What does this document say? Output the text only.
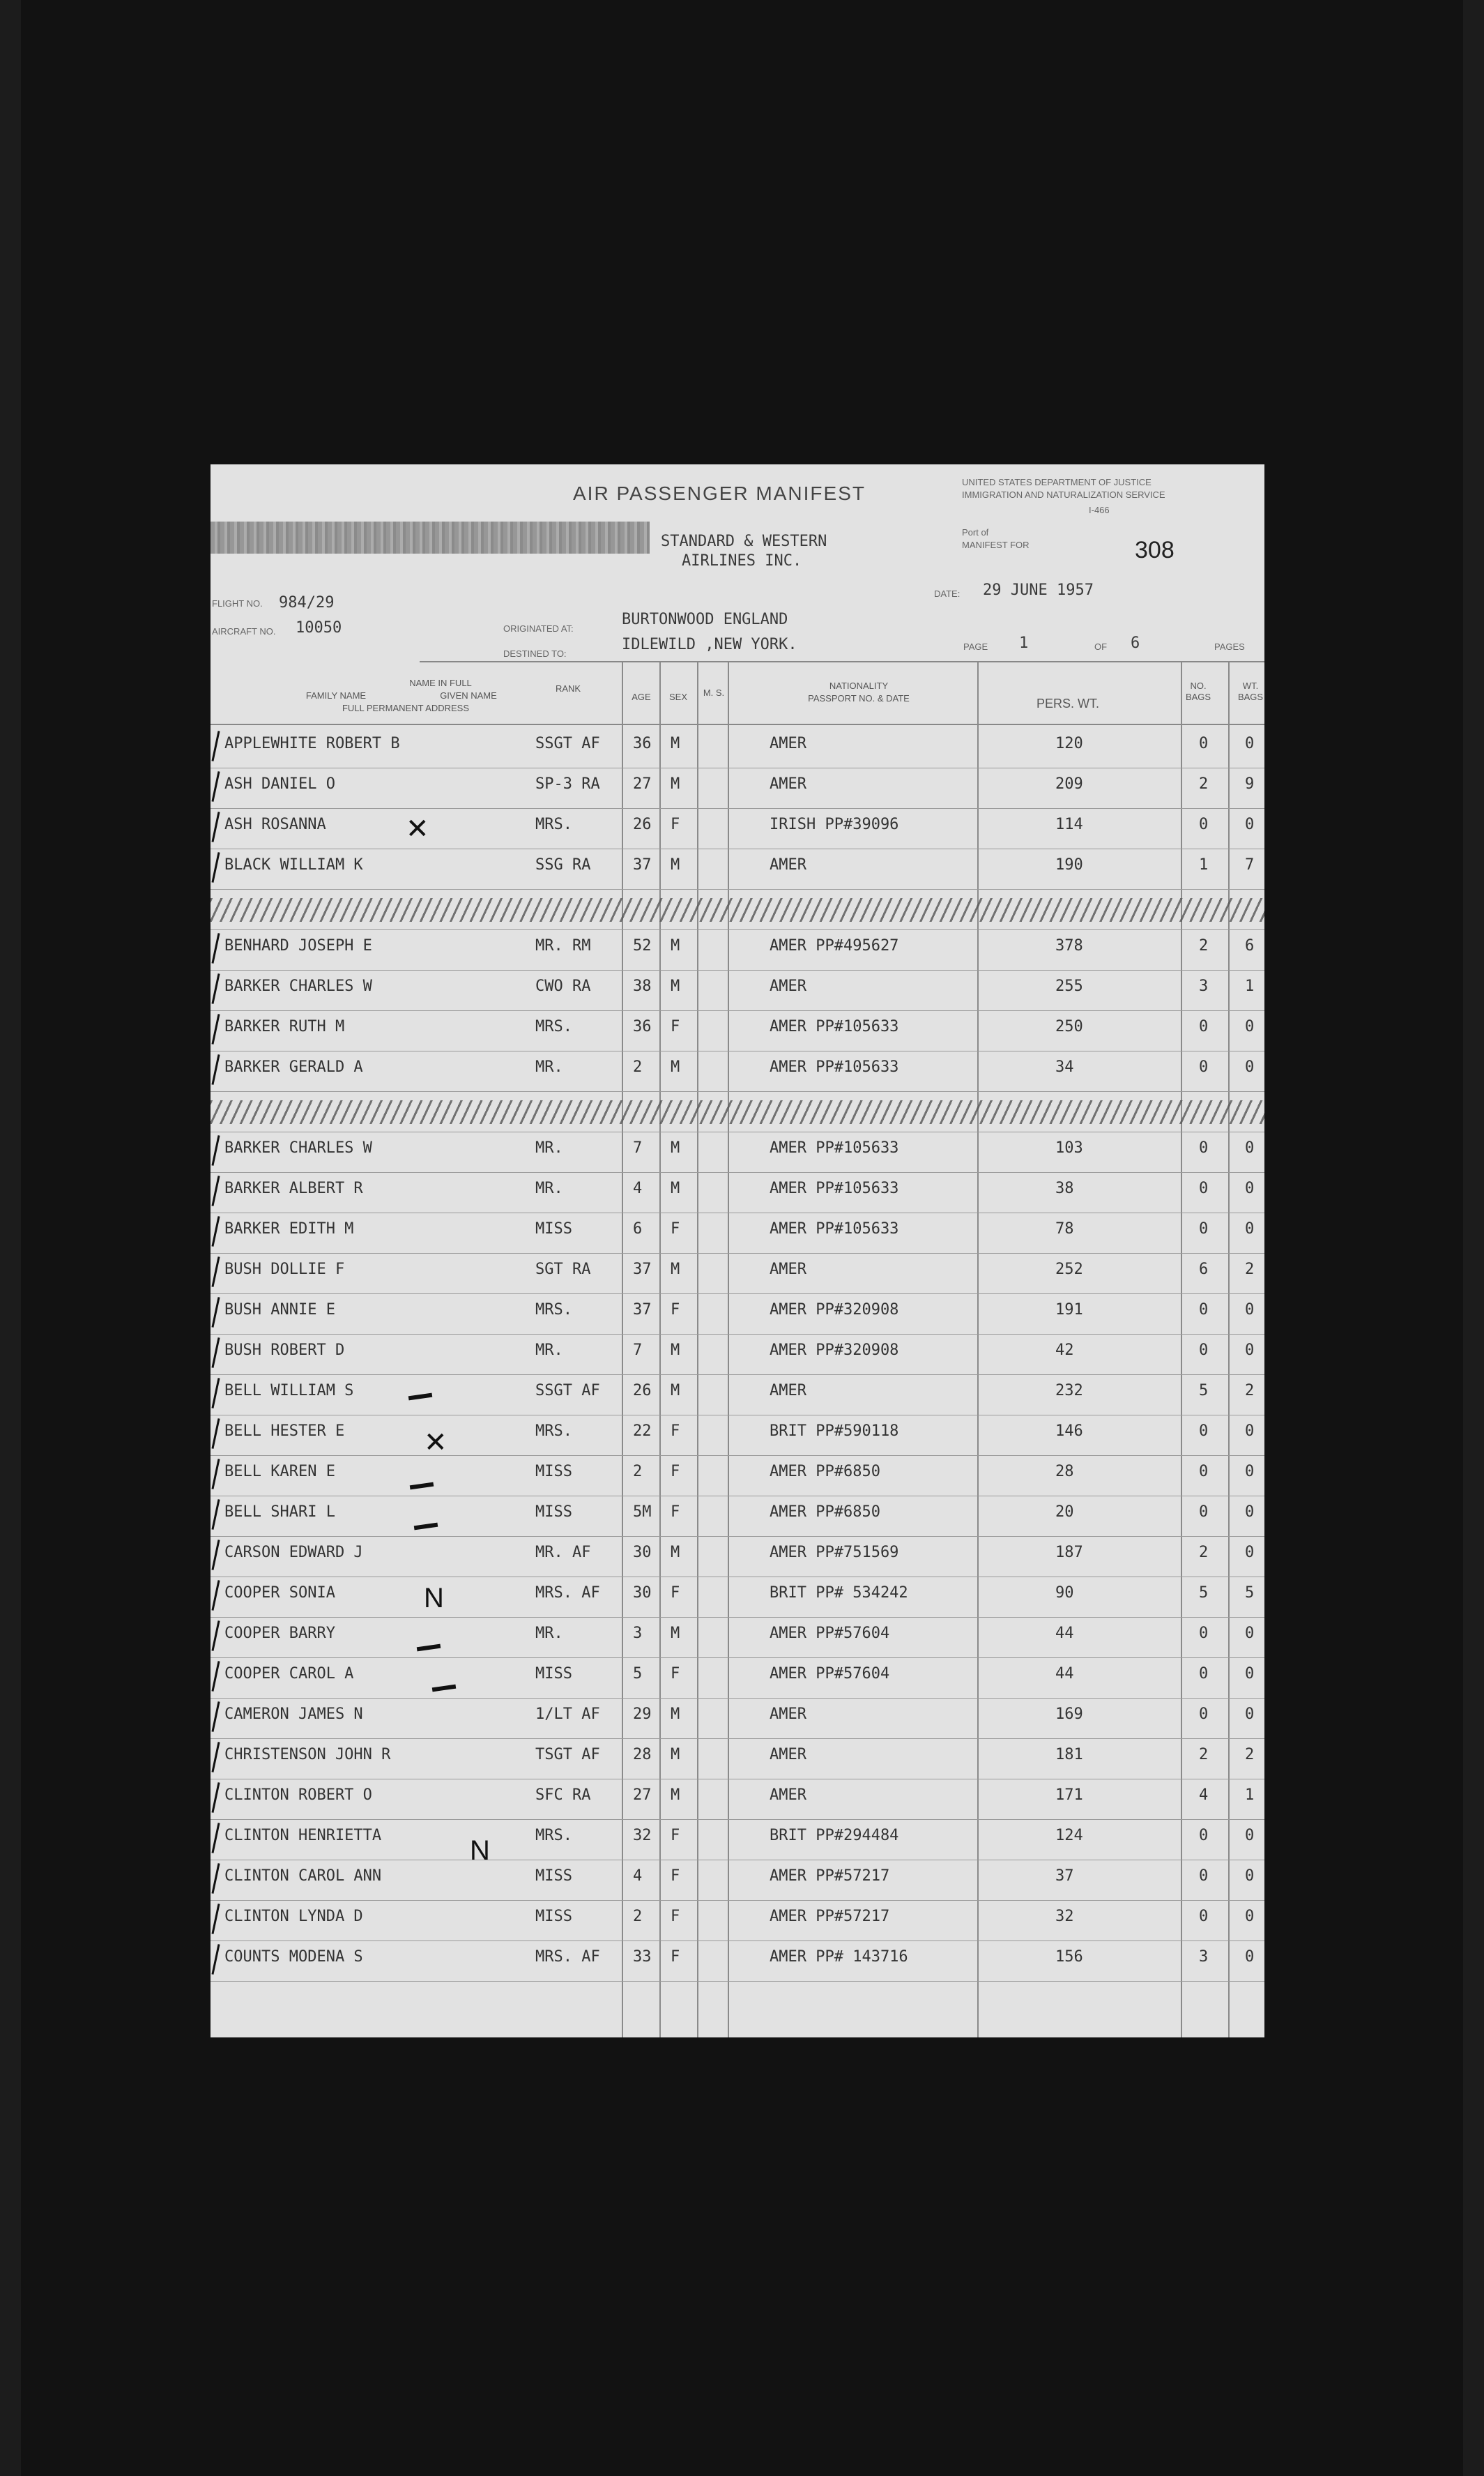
AIR PASSENGER MANIFEST
UNITED STATES DEPARTMENT OF JUSTICE
IMMIGRATION AND NATURALIZATION SERVICE
I-466
Port of
MANIFEST FOR	308
STANDARD & WESTERN
AIRLINES INC.
FLIGHT NO. 984/29
AIRCRAFT NO. 10050	ORIGINATED AT:
BURTONWOOD ENGLAND
DESTINED TO:
IDLEWILD ,NEW YORK.
DATE: 29 JUNE 1957
PAGE 1	OF 6	PAGES
NAME IN FULL
FAMILY NAME	GIVEN NAME
FULL PERMANENT ADDRESS
RANK
AGE	SEX	M. S.
NATIONALITY
PASSPORT NO. & DATE	PERS. WT.
NO.
BAGS
WT.
BAGS
APPLEWHITE ROBERT B	SSGT AF 36 M	AMER	120	0 0
ASH DANIEL O	SP-3 RA 27 M	AMER	209	2 9
ASH ROSANNA	MRS.	26 F	IRISH PP#39096	114	0 0
BLACK WILLIAM K	SSG RA	37 M	AMER	190	1 7
BENHARD JOSEPH E	MR. RM	52 M	AMER PP#495627	378	2 6
BARKER CHARLES W	CWO RA	38 M	AMER	255	3 1
BARKER RUTH M	MRS.	36 F	AMER PP#105633	250	0 0
BARKER GERALD A	MR.	2 M	AMER PP#105633	34	0 0
BARKER CHARLES W	MR.	7 M	AMER PP#105633	103	0 0
BARKER ALBERT R	MR.	4 M	AMER PP#105633	38	0 0
BARKER EDITH M	MISS	6 F	AMER PP#105633	78	0 0
BUSH DOLLIE F	SGT RA	37 M	AMER	252	6 2
BUSH ANNIE E	MRS.	37 F	AMER PP#320908	191	0 0
BUSH ROBERT D	MR.	7 M	AMER PP#320908	42	0 0
BELL WILLIAM S	SSGT AF 26 M	AMER	232	5 2
BELL HESTER E	MRS.	22 F	BRIT PP#590118	146	0 0
BELL KAREN E	MISS	2 F	AMER PP#6850	28	0 0
BELL SHARI L	MISS	5M F	AMER PP#6850	20	0 0
CARSON EDWARD J	MR. AF	30 M	AMER PP#751569	187	2 0
COOPER SONIA	MRS. AF 30 F	BRIT PP# 534242	90	5 5
COOPER BARRY	MR.	3 M	AMER PP#57604	44	0 0
COOPER CAROL A	MISS	5 F	AMER PP#57604	44	0 0
CAMERON JAMES N	1/LT AF 29 M	AMER	169	0 0
CHRISTENSON JOHN R	TSGT AF 28 M	AMER	181	2 2
CLINTON ROBERT O	SFC RA	27 M	AMER	171	4 1
CLINTON HENRIETTA	MRS.	32 F	BRIT PP#294484	124	0 0
CLINTON CAROL ANN	MISS	4 F	AMER PP#57217	37	0 0
CLINTON LYNDA D	MISS	2 F	AMER PP#57217	32	0 0
COUNTS MODENA S	MRS. AF 33 F	AMER PP# 143716	156	3 0
✕
✕
N
N
